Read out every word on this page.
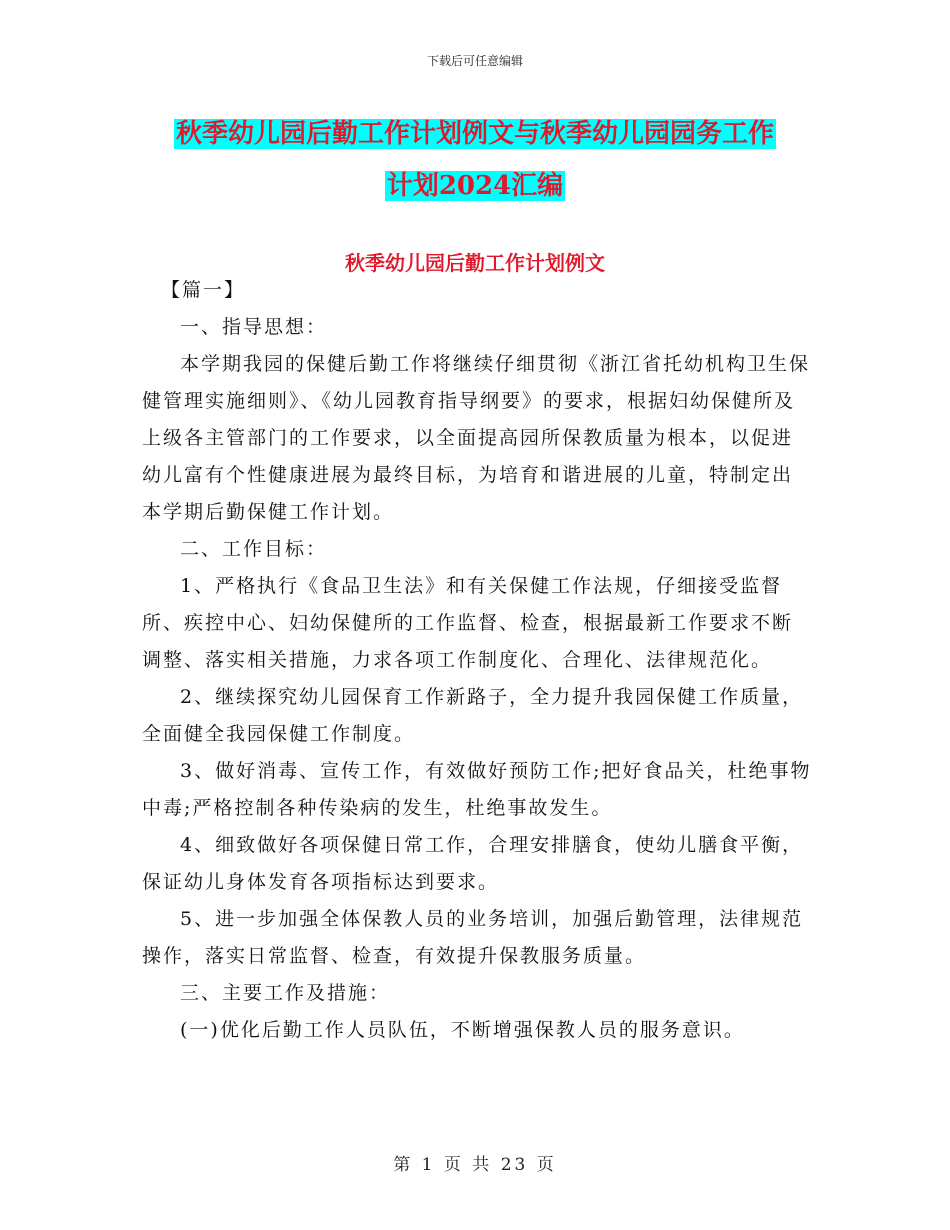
下载后可任意编辑
秋季幼儿园后勤工作计划例文与秋季幼儿园园务工作
计划2024汇编
秋季幼儿园后勤工作计划例文

【篇一】

一、指导思想：

本学期我园的保健后勤工作将继续仔细贯彻《浙江省托幼机构卫生保健管理实施细则》、《幼儿园教育指导纲要》的要求，根据妇幼保健所及上级各主管部门的工作要求，以全面提高园所保教质量为根本，以促进幼儿富有个性健康进展为最终目标，为培育和谐进展的儿童，特制定出本学期后勤保健工作计划。

二、工作目标：

1、严格执行《食品卫生法》和有关保健工作法规，仔细接受监督所、疾控中心、妇幼保健所的工作监督、检查，根据最新工作要求不断调整、落实相关措施，力求各项工作制度化、合理化、法律规范化。

2、继续探究幼儿园保育工作新路子，全力提升我园保健工作质量，全面健全我园保健工作制度。

3、做好消毒、宣传工作，有效做好预防工作;把好食品关，杜绝事物中毒;严格控制各种传染病的发生，杜绝事故发生。

4、细致做好各项保健日常工作，合理安排膳食，使幼儿膳食平衡，保证幼儿身体发育各项指标达到要求。

5、进一步加强全体保教人员的业务培训，加强后勤管理，法律规范操作，落实日常监督、检查，有效提升保教服务质量。

三、主要工作及措施：

(一)优化后勤工作人员队伍，不断增强保教人员的服务意识。

第 1 页 共 23 页
